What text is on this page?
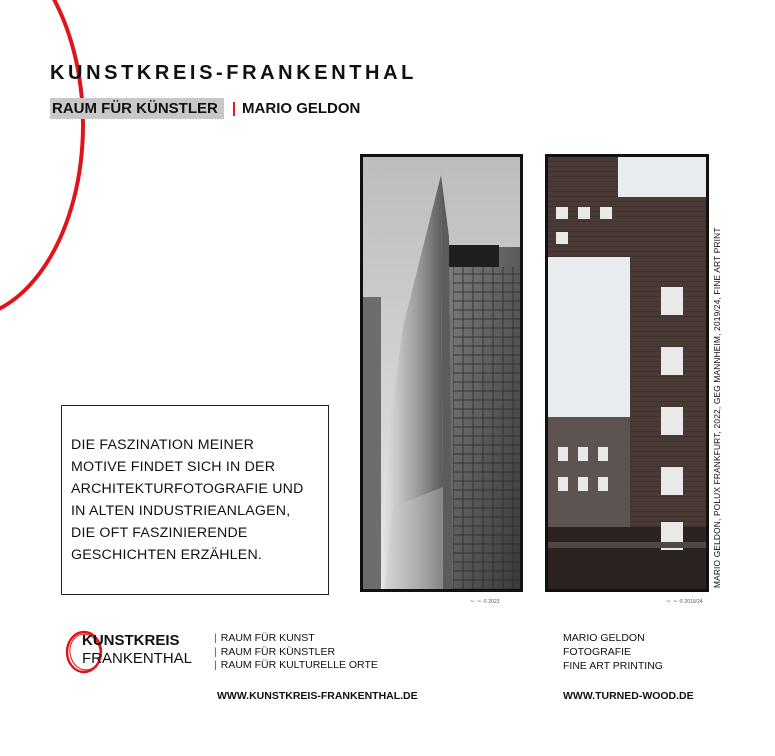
KUNSTKREIS-FRANKENTHAL
RAUM FÜR KÜNSTLER | MARIO GELDON
DIE FASZINATION MEINER
MOTIVE FINDET SICH IN DER
ARCHITEKTURFOTOGRAFIE UND
IN ALTEN INDUSTRIEANLAGEN,
DIE OFT FASZINIERENDE
GESCHICHTEN ERZÄHLEN.	MARIO GELDON, POLUX FRANKFURT, 2022, GEG MANNHEIM, 2019/24, FINE ART PRINT
~ ~ © 2023	~ ~ © 2019/24
KUNSTKREIS
FRANKENTHAL
| RAUM FÜR KUNST
| RAUM FÜR KÜNSTLER
| RAUM FÜR KULTURELLE ORTE
WWW.KUNSTKREIS-FRANKENTHAL.DE
MARIO GELDON
FOTOGRAFIE
FINE ART PRINTING
WWW.TURNED-WOOD.DE
